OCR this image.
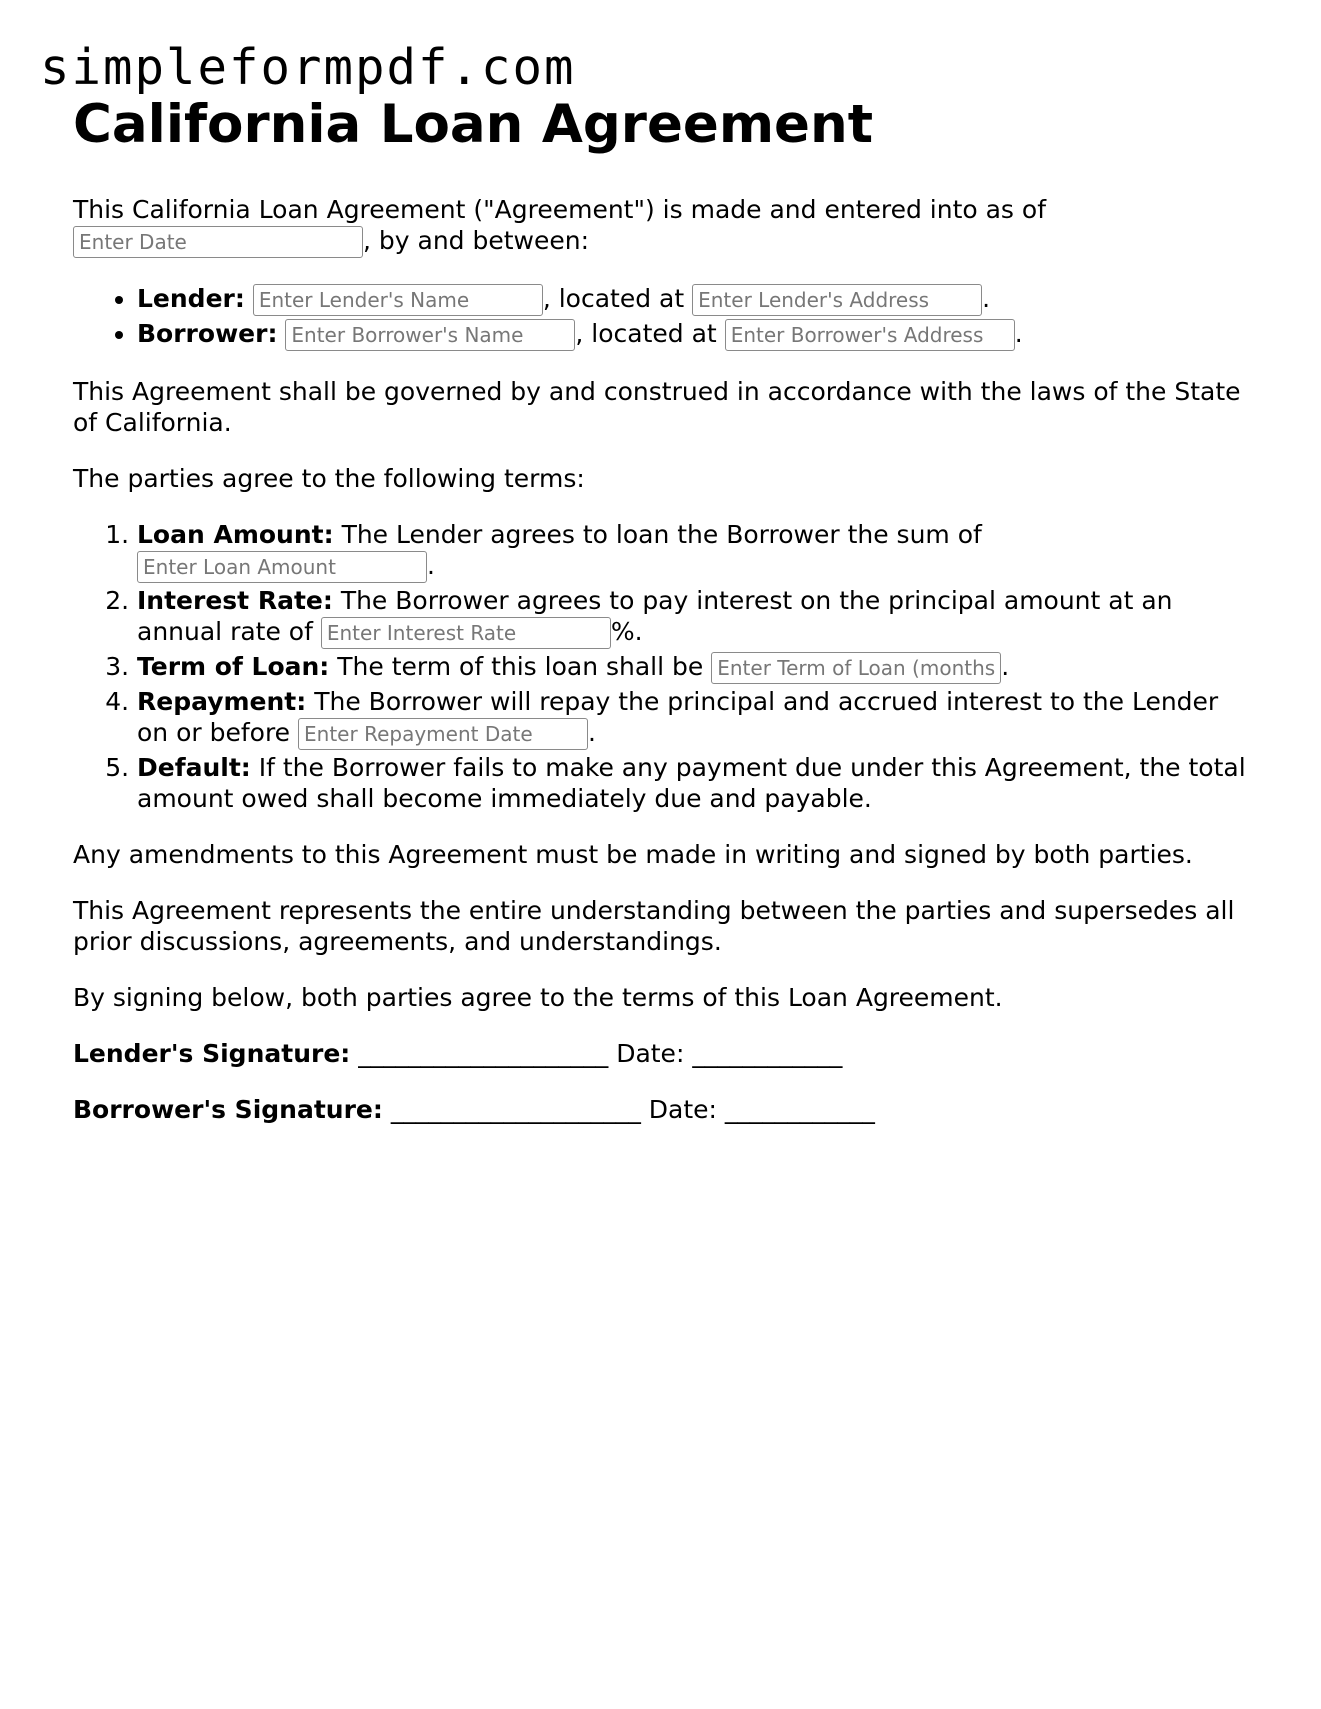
simpleformpdf.com
California Loan Agreement

This California Loan Agreement ("Agreement") is made and entered into as of Enter Date, by and between:

• Lender: Enter Lender's Name	, located at Enter Lender's Address	.
• Borrower: Enter Borrower's Name	, located at Enter Borrower's Address	.

This Agreement shall be governed by and construed in accordance with the laws of the State of California.

The parties agree to the following terms:

1. Loan Amount: The Lender agrees to loan the Borrower the sum of Enter Loan Amount.
2. Interest Rate: The Borrower agrees to pay interest on the principal amount at an annual rate of Enter Interest Rate	%.
3. Term of Loan: The term of this loan shall be Enter Term of Loan (months)	.
4. Repayment: The Borrower will repay the principal and accrued interest to the Lender on or before Enter Repayment Date	.
5. Default: If the Borrower fails to make any payment due under this Agreement, the total amount owed shall become immediately due and payable.

Any amendments to this Agreement must be made in writing and signed by both parties.

This Agreement represents the entire understanding between the parties and supersedes all prior discussions, agreements, and understandings.

By signing below, both parties agree to the terms of this Loan Agreement.

Lender's Signature: ____________________ Date: ____________

Borrower's Signature: ____________________ Date: ____________
